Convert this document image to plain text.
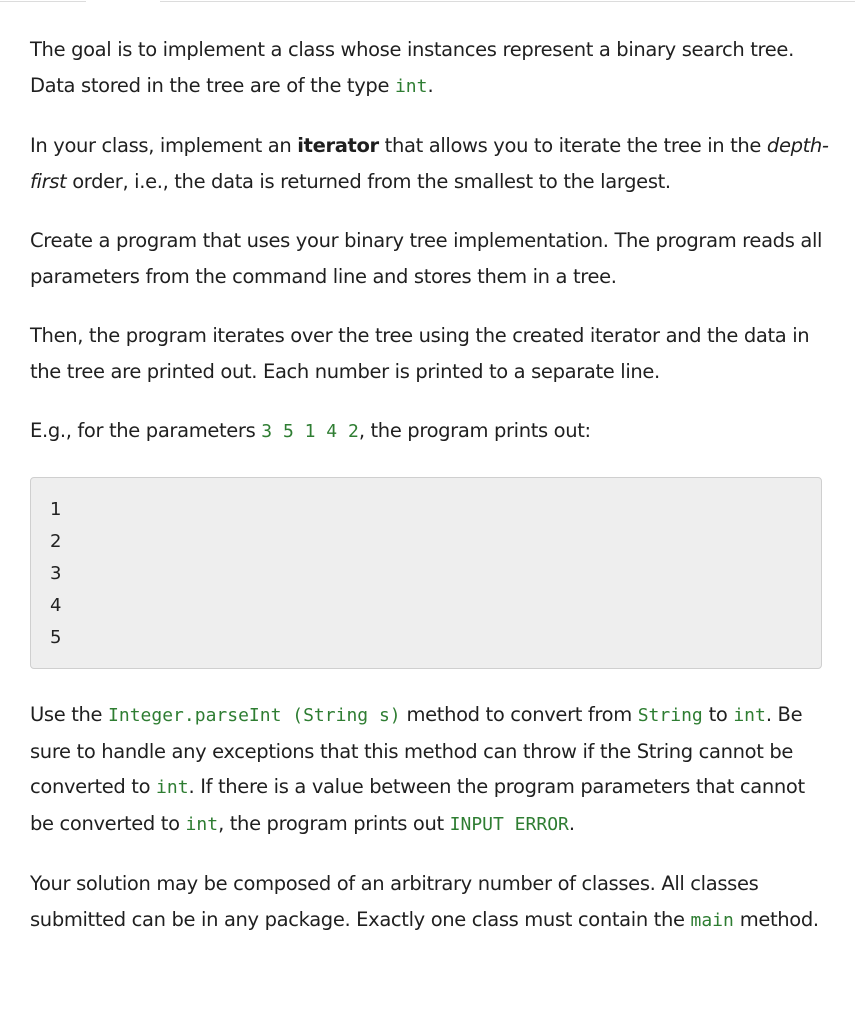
The goal is to implement a class whose instances represent a binary search tree. Data stored in the tree are of the type int.

In your class, implement an iterator that allows you to iterate the tree in the depth-first order, i.e., the data is returned from the smallest to the largest.

Create a program that uses your binary tree implementation. The program reads all parameters from the command line and stores them in a tree.

Then, the program iterates over the tree using the created iterator and the data in the tree are printed out. Each number is printed to a separate line.

E.g., for the parameters 3 5 1 4 2, the program prints out:

1
2
3
4
5

Use the Integer.parseInt (String s) method to convert from String to int. Be sure to handle any exceptions that this method can throw if the String cannot be converted to int. If there is a value between the program parameters that cannot be converted to int, the program prints out INPUT ERROR.

Your solution may be composed of an arbitrary number of classes. All classes submitted can be in any package. Exactly one class must contain the main method.
